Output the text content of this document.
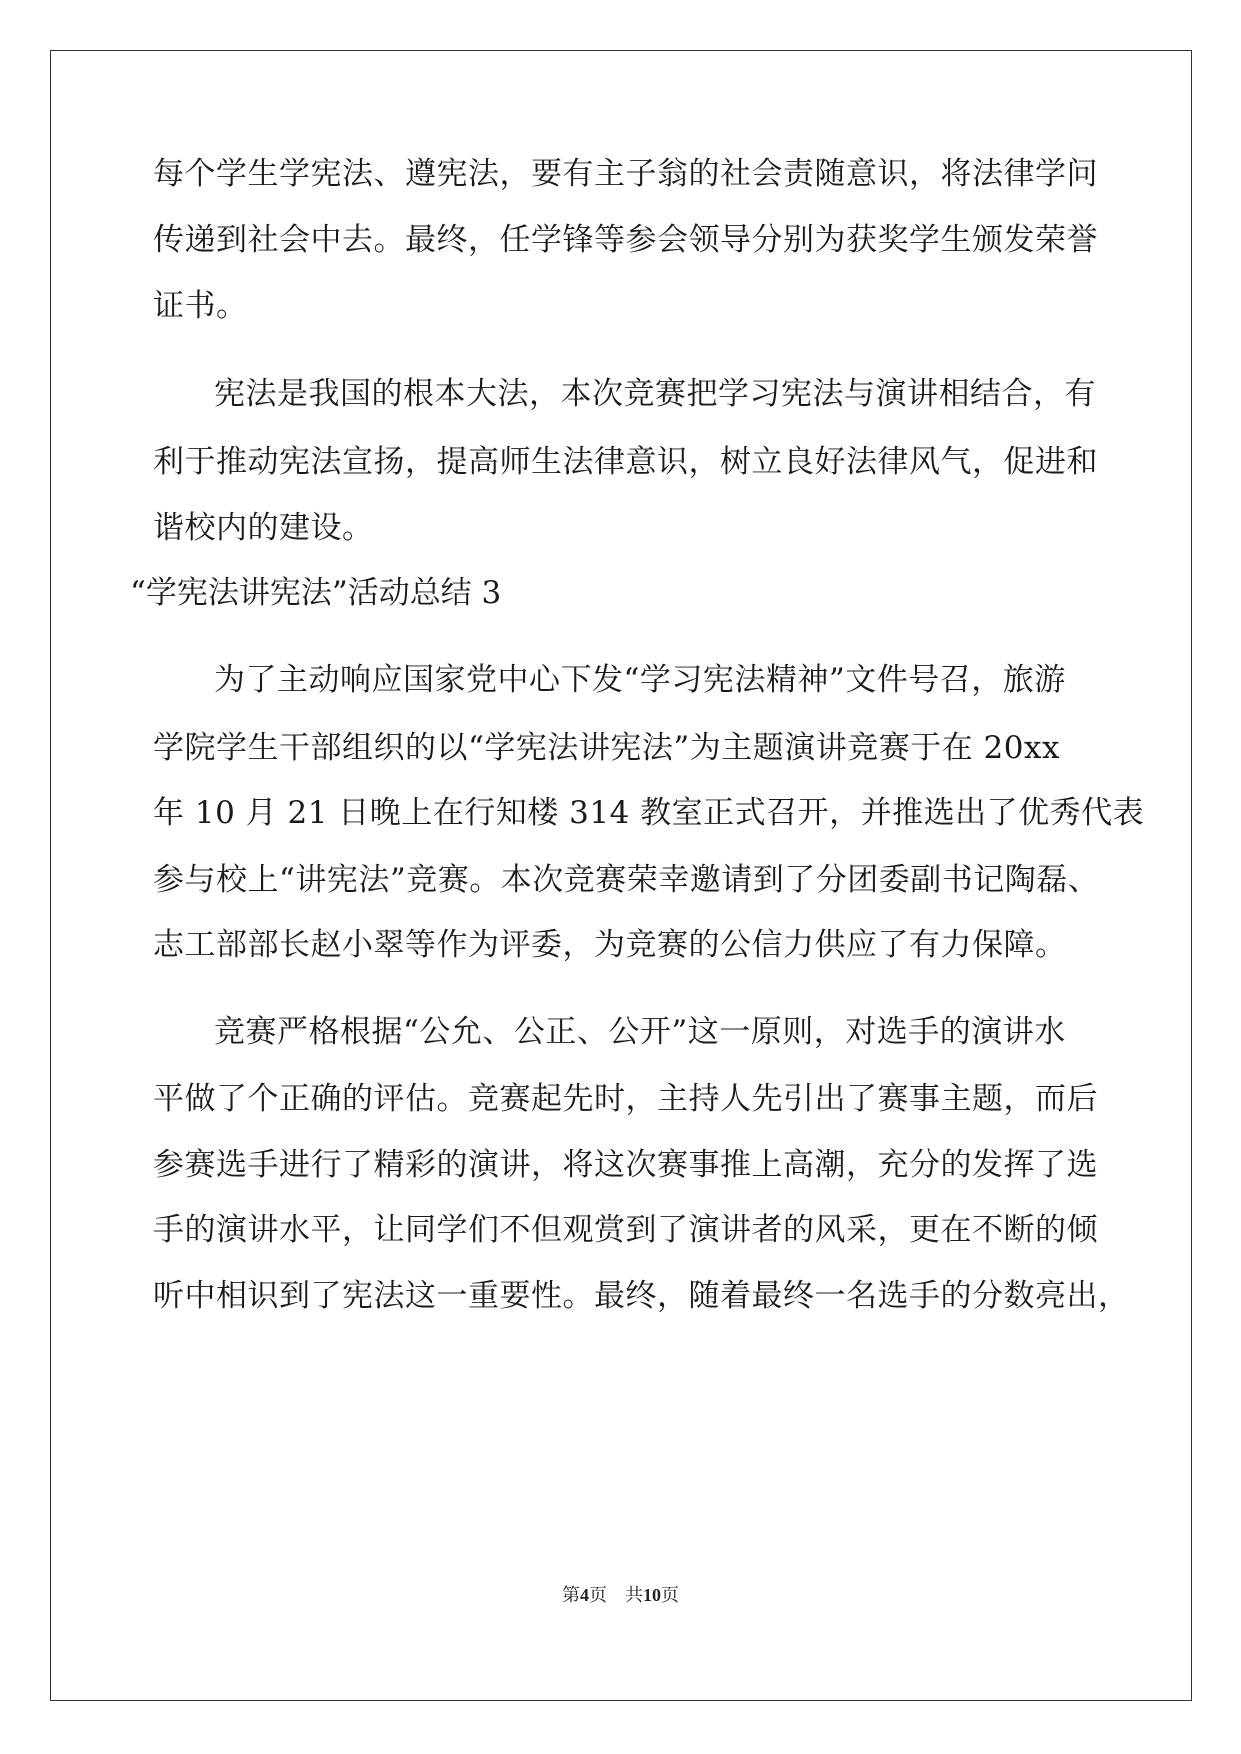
每个学生学宪法、遵宪法，要有主子翁的社会责随意识，将法律学问
传递到社会中去。最终，任学锋等参会领导分别为获奖学生颁发荣誉
证书。
宪法是我国的根本大法，本次竞赛把学习宪法与演讲相结合，有
利于推动宪法宣扬，提高师生法律意识，树立良好法律风气，促进和
谐校内的建设。
“学宪法讲宪法”活动总结 3
为了主动响应国家党中心下发“学习宪法精神”文件号召，旅游
学院学生干部组织的以“学宪法讲宪法”为主题演讲竞赛于在 20xx
年 10 月 21 日晚上在行知楼 314 教室正式召开，并推选出了优秀代表
参与校上“讲宪法”竞赛。本次竞赛荣幸邀请到了分团委副书记陶磊、
志工部部长赵小翠等作为评委，为竞赛的公信力供应了有力保障。
竞赛严格根据“公允、公正、公开”这一原则，对选手的演讲水
平做了个正确的评估。竞赛起先时，主持人先引出了赛事主题，而后
参赛选手进行了精彩的演讲，将这次赛事推上高潮，充分的发挥了选
手的演讲水平，让同学们不但观赏到了演讲者的风采，更在不断的倾
听中相识到了宪法这一重要性。最终，随着最终一名选手的分数亮出，
第4页　共10页
